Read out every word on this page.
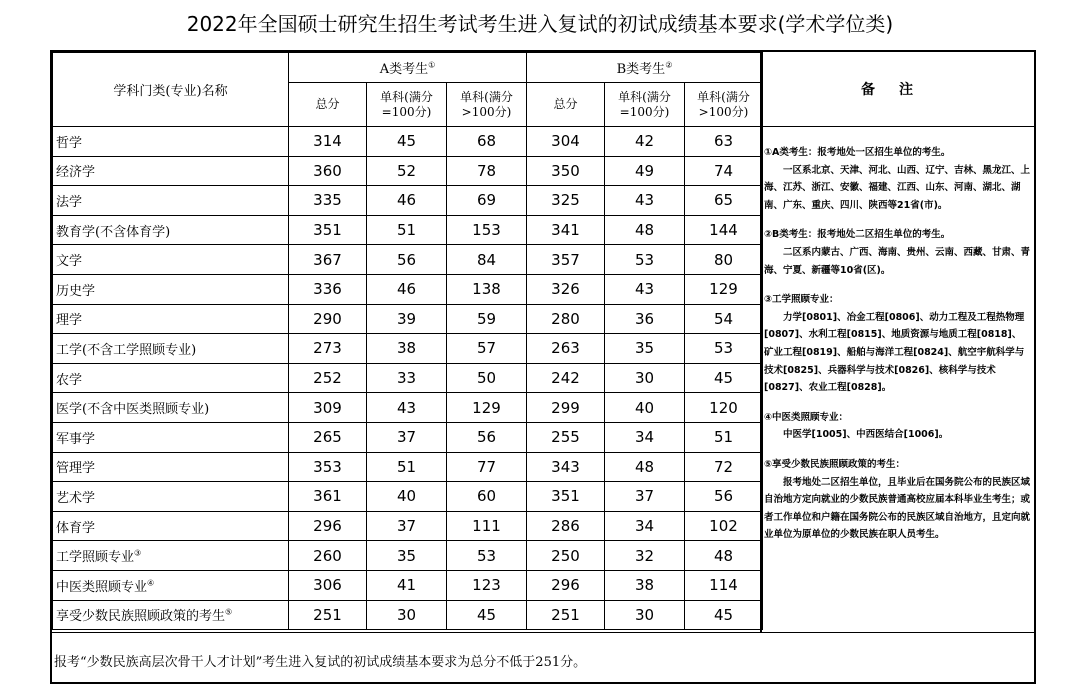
2022年全国硕士研究生招生考试考生进入复试的初试成绩基本要求(学术学位类)
学科门类(专业)名称	A类考生①			B类考生②
	总分	单科(满分=100分)	单科(满分>100分)	总分	单科(满分=100分)	单科(满分>100分)
哲学	314	45	68	304	42	63
经济学	360	52	78	350	49	74
法学	335	46	69	325	43	65
教育学(不含体育学)	351	51	153	341	48	144
文学	367	56	84	357	53	80
历史学	336	46	138	326	43	129
理学	290	39	59	280	36	54
工学(不含工学照顾专业)	273	38	57	263	35	53
农学	252	33	50	242	30	45
医学(不含中医类照顾专业)	309	43	129	299	40	120
军事学	265	37	56	255	34	51
管理学	353	51	77	343	48	72
艺术学	361	40	60	351	37	56
体育学	296	37	111	286	34	102
工学照顾专业③	260	35	53	250	32	48
中医类照顾专业④	306	41	123	296	38	114
享受少数民族照顾政策的考生⑤	251	30	45	251	30	45
备注

①A类考生：报考地处一区招生单位的考生。
一区系北京、天津、河北、山西、辽宁、吉林、黑龙江、上海、江苏、浙江、安徽、福建、江西、山东、河南、湖北、湖南、广东、重庆、四川、陕西等21省(市)。

②B类考生：报考地处二区招生单位的考生。
二区系内蒙古、广西、海南、贵州、云南、西藏、甘肃、青海、宁夏、新疆等10省(区)。

③工学照顾专业：
力学[0801]、冶金工程[0806]、动力工程及工程热物理[0807]、水利工程[0815]、地质资源与地质工程[0818]、矿业工程[0819]、船舶与海洋工程[0824]、航空宇航科学与技术[0825]、兵器科学与技术[0826]、核科学与技术[0827]、农业工程[0828]。

④中医类照顾专业：
中医学[1005]、中西医结合[1006]。

⑤享受少数民族照顾政策的考生：
报考地处二区招生单位，且毕业后在国务院公布的民族区域自治地方定向就业的少数民族普通高校应届本科毕业生考生；或者工作单位和户籍在国务院公布的民族区域自治地方，且定向就业单位为原单位的少数民族在职人员考生。

报考“少数民族高层次骨干人才计划”考生进入复试的初试成绩基本要求为总分不低于251分。
